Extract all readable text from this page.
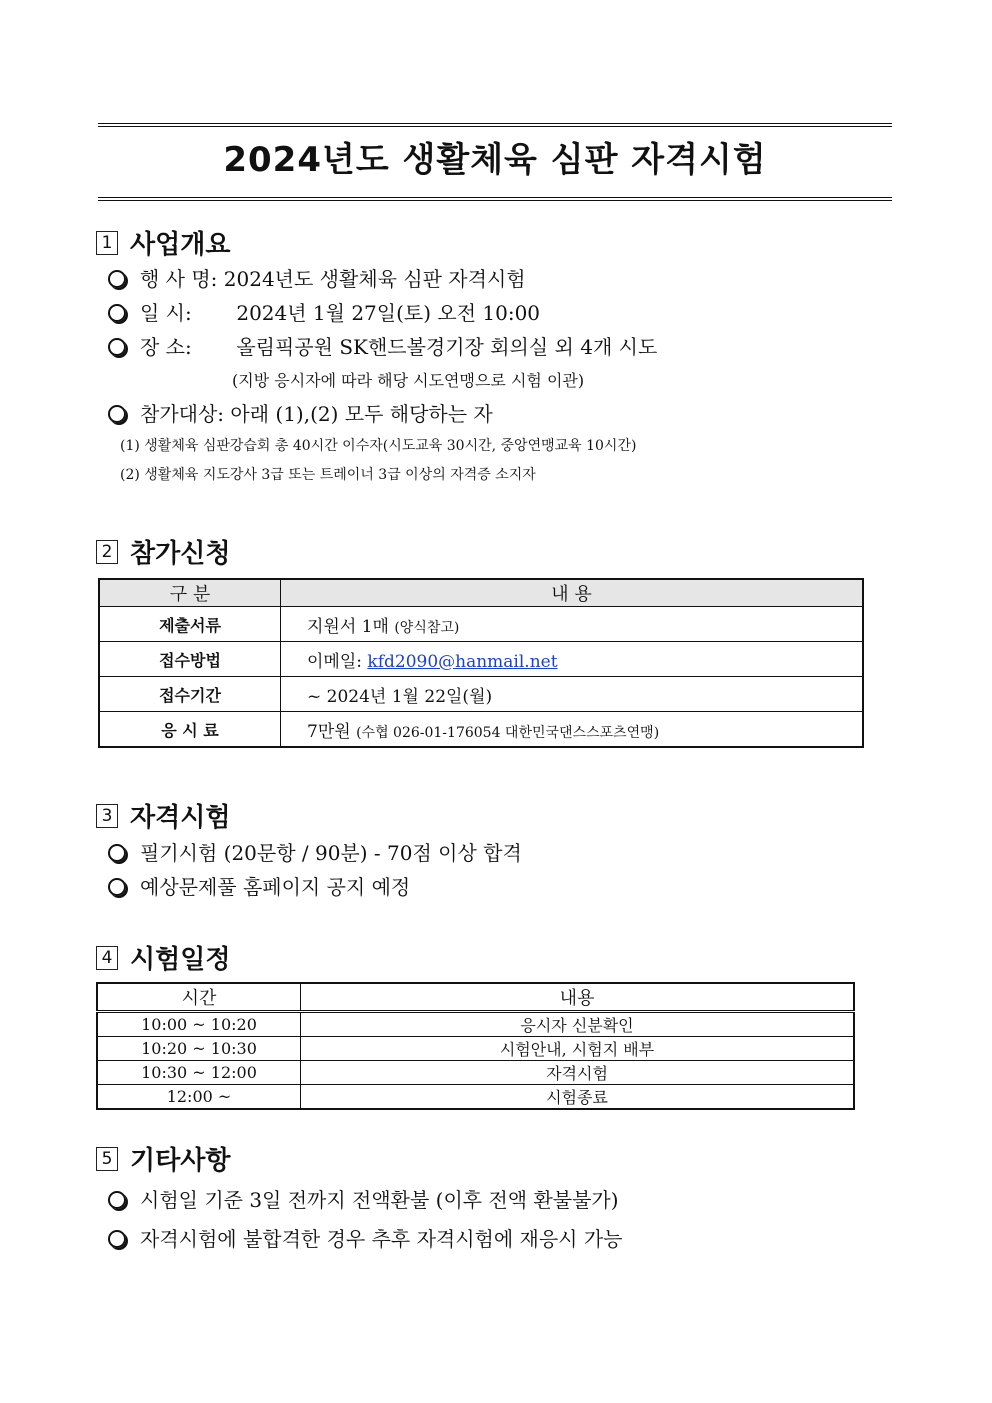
2024년도 생활체육 심판 자격시험
1 사업개요
행 사 명: 2024년도 생활체육 심판 자격시험
일 시: 2024년 1월 27일(토) 오전 10:00
장 소: 올림픽공원 SK핸드볼경기장 회의실 외 4개 시도
(지방 응시자에 따라 해당 시도연맹으로 시험 이관)
참가대상: 아래 (1),(2) 모두 해당하는 자
(1) 생활체육 심판강습회 총 40시간 이수자(시도교육 30시간, 중앙연맹교육 10시간)
(2) 생활체육 지도강사 3급 또는 트레이너 3급 이상의 자격증 소지자
2 참가신청
구 분	내 용
제출서류	지원서 1매 (양식참고)
접수방법	이메일: kfd2090@hanmail.net
접수기간	~ 2024년 1월 22일(월)
응 시 료	7만원 (수협 026-01-176054 대한민국댄스스포츠연맹)
3 자격시험
필기시험 (20문항 / 90분) - 70점 이상 합격
예상문제풀 홈페이지 공지 예정
4 시험일정
시간	내용
10:00 ~ 10:20	응시자 신분확인
10:20 ~ 10:30	시험안내, 시험지 배부
10:30 ~ 12:00	자격시험
12:00 ~	시험종료
5 기타사항
시험일 기준 3일 전까지 전액환불 (이후 전액 환불불가)
자격시험에 불합격한 경우 추후 자격시험에 재응시 가능
